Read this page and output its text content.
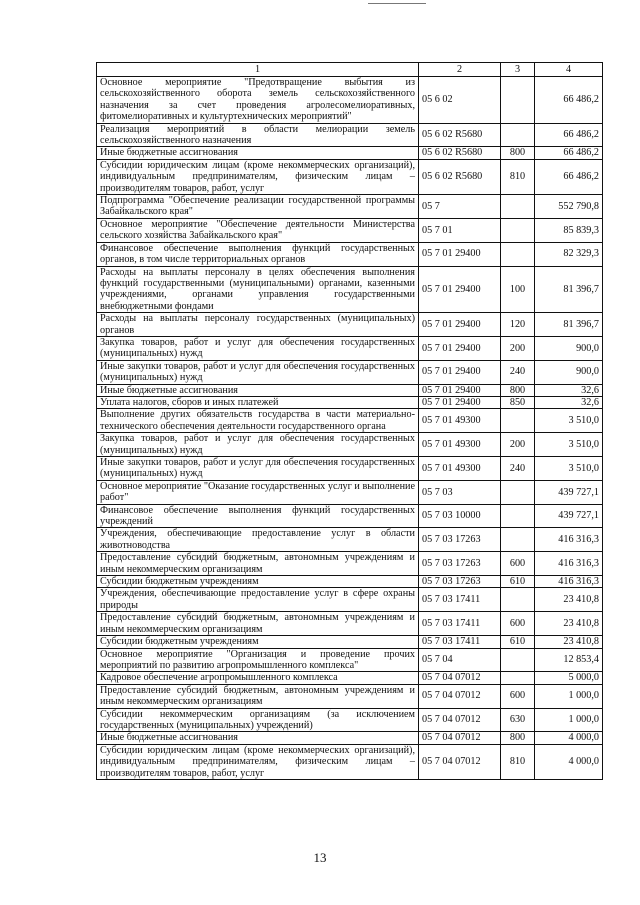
1	2	3	4
Основное мероприятие "Предотвращение выбытия из сельскохозяйственного оборота земель сельскохозяйственного назначения за счет проведения агролесомелиоративных, фитомелиоративных и культуртехнических мероприятий"	05 6 02		66 486,2
Реализация мероприятий в области мелиорации земель сельскохозяйственного назначения	05 6 02 R5680		66 486,2
Иные бюджетные ассигнования	05 6 02 R5680	800	66 486,2
Субсидии юридическим лицам (кроме некоммерческих организаций), индивидуальным предпринимателям, физическим лицам – производителям товаров, работ, услуг	05 6 02 R5680	810	66 486,2
Подпрограмма "Обеспечение реализации государственной программы Забайкальского края"	05 7		552 790,8
Основное мероприятие "Обеспечение деятельности Министерства сельского хозяйства Забайкальского края"	05 7 01		85 839,3
Финансовое обеспечение выполнения функций государственных органов, в том числе территориальных органов	05 7 01 29400		82 329,3
Расходы на выплаты персоналу в целях обеспечения выполнения функций государственными (муниципальными) органами, казенными учреждениями, органами управления государственными внебюджетными фондами	05 7 01 29400	100	81 396,7
Расходы на выплаты персоналу государственных (муниципальных) органов	05 7 01 29400	120	81 396,7
Закупка товаров, работ и услуг для обеспечения государственных (муниципальных) нужд	05 7 01 29400	200	900,0
Иные закупки товаров, работ и услуг для обеспечения государственных (муниципальных) нужд	05 7 01 29400	240	900,0
Иные бюджетные ассигнования	05 7 01 29400	800	32,6
Уплата налогов, сборов и иных платежей	05 7 01 29400	850	32,6
Выполнение других обязательств государства в части материально-технического обеспечения деятельности государственного органа	05 7 01 49300		3 510,0
Закупка товаров, работ и услуг для обеспечения государственных (муниципальных) нужд	05 7 01 49300	200	3 510,0
Иные закупки товаров, работ и услуг для обеспечения государственных (муниципальных) нужд	05 7 01 49300	240	3 510,0
Основное мероприятие "Оказание государственных услуг и выполнение работ"	05 7 03		439 727,1
Финансовое обеспечение выполнения функций государственных учреждений	05 7 03 10000		439 727,1
Учреждения, обеспечивающие предоставление услуг в области животноводства	05 7 03 17263		416 316,3
Предоставление субсидий бюджетным, автономным учреждениям и иным некоммерческим организациям	05 7 03 17263	600	416 316,3
Субсидии бюджетным учреждениям	05 7 03 17263	610	416 316,3
Учреждения, обеспечивающие предоставление услуг в сфере охраны природы	05 7 03 17411		23 410,8
Предоставление субсидий бюджетным, автономным учреждениям и иным некоммерческим организациям	05 7 03 17411	600	23 410,8
Субсидии бюджетным учреждениям	05 7 03 17411	610	23 410,8
Основное мероприятие "Организация и проведение прочих мероприятий по развитию агропромышленного комплекса"	05 7 04		12 853,4
Кадровое обеспечение агропромышленного комплекса	05 7 04 07012		5 000,0
Предоставление субсидий бюджетным, автономным учреждениям и иным некоммерческим организациям	05 7 04 07012	600	1 000,0
Субсидии некоммерческим организациям (за исключением государственных (муниципальных) учреждений)	05 7 04 07012	630	1 000,0
Иные бюджетные ассигнования	05 7 04 07012	800	4 000,0
Субсидии юридическим лицам (кроме некоммерческих организаций), индивидуальным предпринимателям, физическим лицам – производителям товаров, работ, услуг	05 7 04 07012	810	4 000,0
13
